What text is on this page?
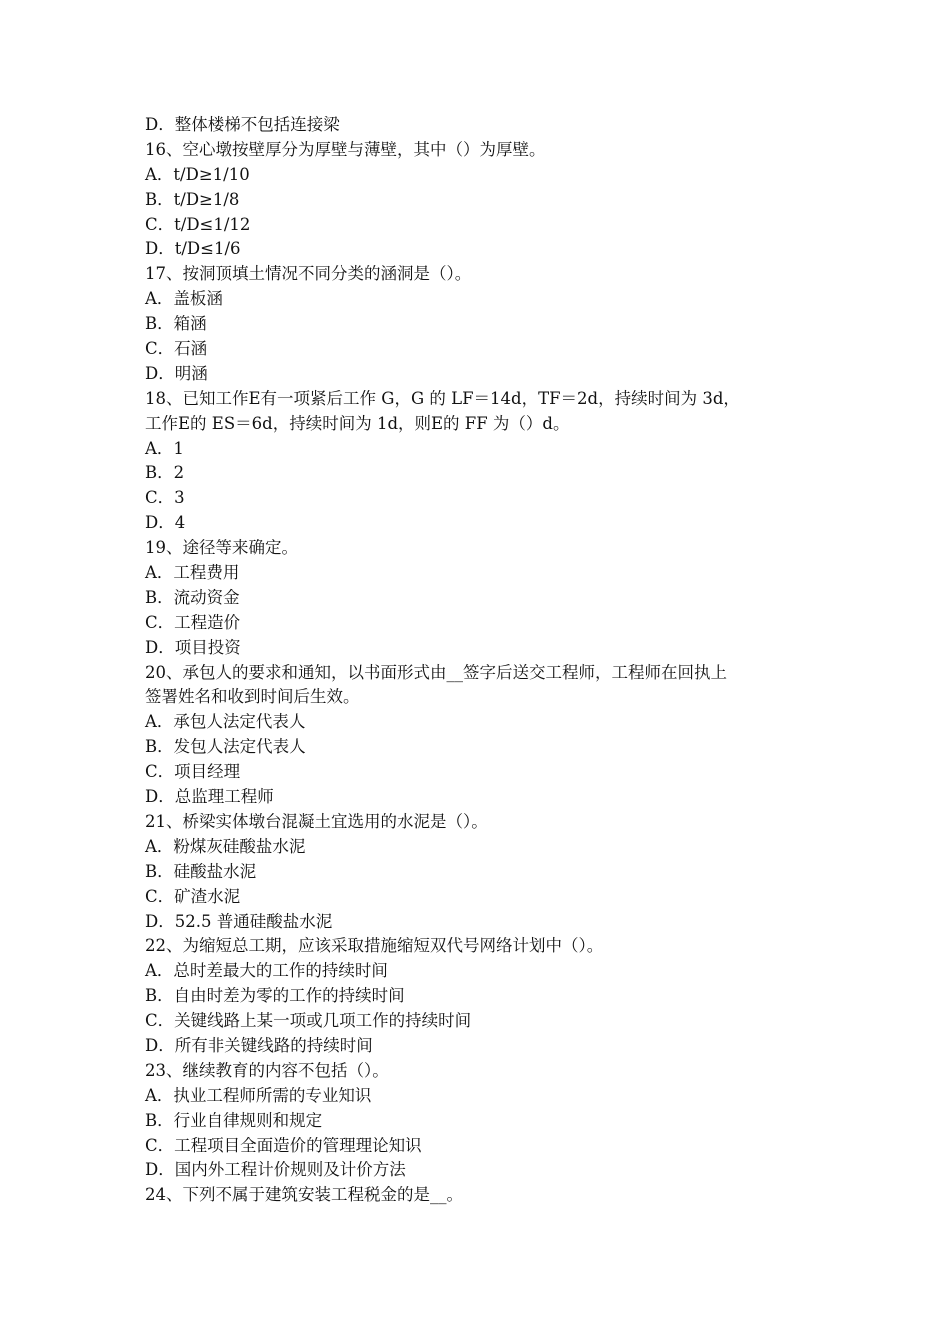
D．整体楼梯不包括连接梁

16、空心墩按壁厚分为厚壁与薄壁，其中（）为厚壁。

A．t/D≥1/10

B．t/D≥1/8

C．t/D≤1/12

D．t/D≤1/6

17、按洞顶填土情况不同分类的涵洞是（）。

A．盖板涵

B．箱涵

C．石涵

D．明涵

18、已知工作E有一项紧后工作 G，G 的 LF＝14d，TF＝2d，持续时间为 3d，

工作E的 ES＝6d，持续时间为 1d，则E的 FF 为（）d。

A．1

B．2

C．3

D．4

19、途径等来确定。

A．工程费用

B．流动资金

C．工程造价

D．项目投资

20、承包人的要求和通知，以书面形式由__签字后送交工程师，工程师在回执上

签署姓名和收到时间后生效。

A．承包人法定代表人

B．发包人法定代表人

C．项目经理

D．总监理工程师

21、桥梁实体墩台混凝土宜选用的水泥是（）。

A．粉煤灰硅酸盐水泥

B．硅酸盐水泥

C．矿渣水泥

D．52.5 普通硅酸盐水泥

22、为缩短总工期，应该采取措施缩短双代号网络计划中（）。

A．总时差最大的工作的持续时间

B．自由时差为零的工作的持续时间

C．关键线路上某一项或几项工作的持续时间

D．所有非关键线路的持续时间

23、继续教育的内容不包括（）。

A．执业工程师所需的专业知识

B．行业自律规则和规定

C．工程项目全面造价的管理理论知识

D．国内外工程计价规则及计价方法

24、下列不属于建筑安装工程税金的是__。
